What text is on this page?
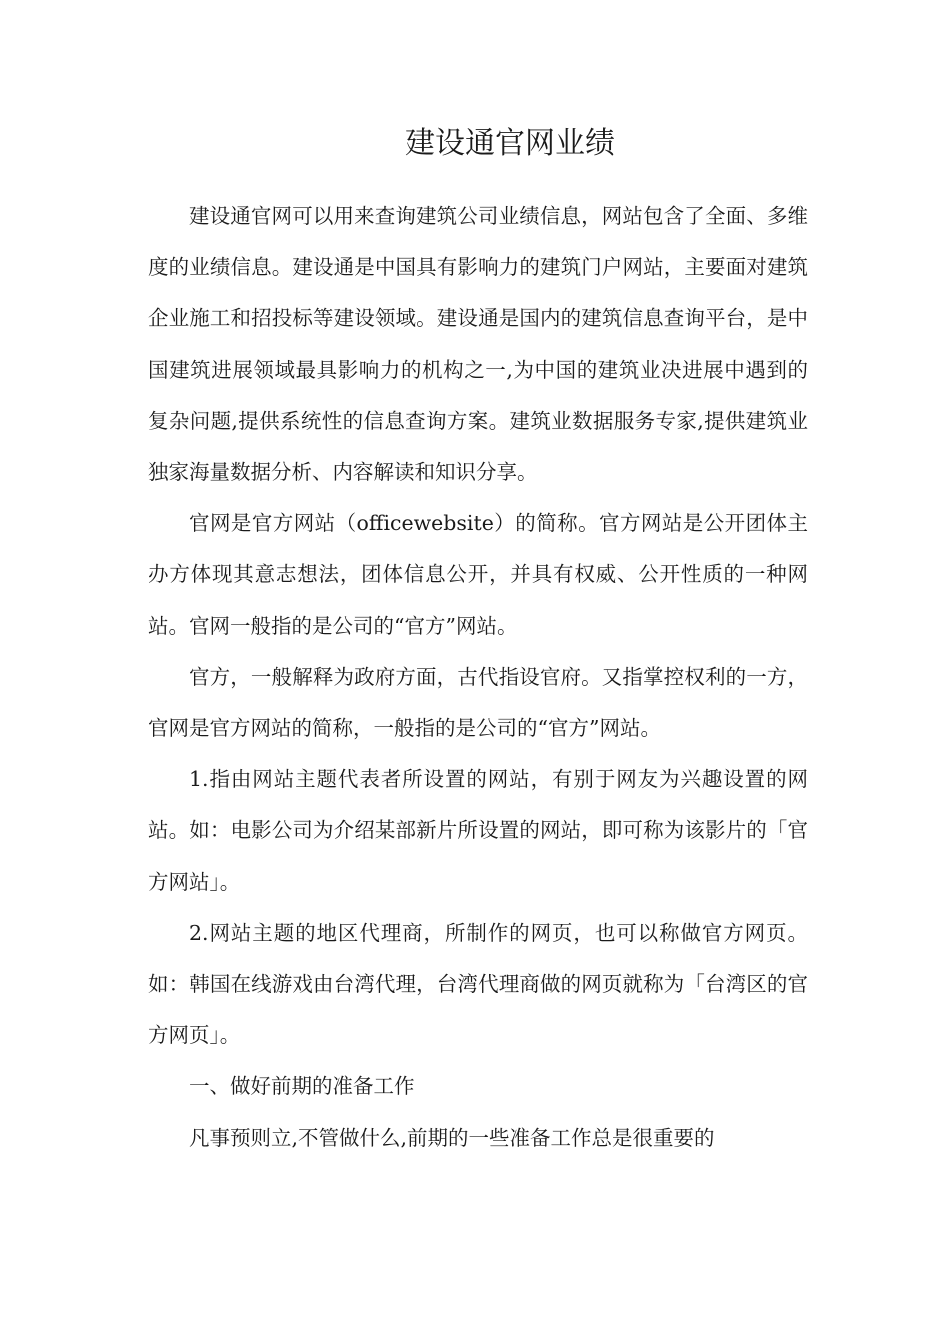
建设通官网业绩

建设通官网可以用来查询建筑公司业绩信息，网站包含了全面、多维度的业绩信息。建设通是中国具有影响力的建筑门户网站，主要面对建筑企业施工和招投标等建设领域。建设通是国内的建筑信息查询平台，是中国建筑进展领域最具影响力的机构之一,为中国的建筑业决进展中遇到的复杂问题,提供系统性的信息查询方案。建筑业数据服务专家,提供建筑业独家海量数据分析、内容解读和知识分享。

官网是官方网站（officewebsite）的简称。官方网站是公开团体主办方体现其意志想法，团体信息公开，并具有权威、公开性质的一种网站。官网一般指的是公司的“官方”网站。

官方，一般解释为政府方面，古代指设官府。又指掌控权利的一方，官网是官方网站的简称，一般指的是公司的“官方”网站。

1.指由网站主题代表者所设置的网站，有别于网友为兴趣设置的网站。如：电影公司为介绍某部新片所设置的网站，即可称为该影片的「官方网站」。

2.网站主题的地区代理商，所制作的网页，也可以称做官方网页。如：韩国在线游戏由台湾代理，台湾代理商做的网页就称为「台湾区的官方网页」。

一、做好前期的准备工作

凡事预则立,不管做什么,前期的一些准备工作总是很重要的
